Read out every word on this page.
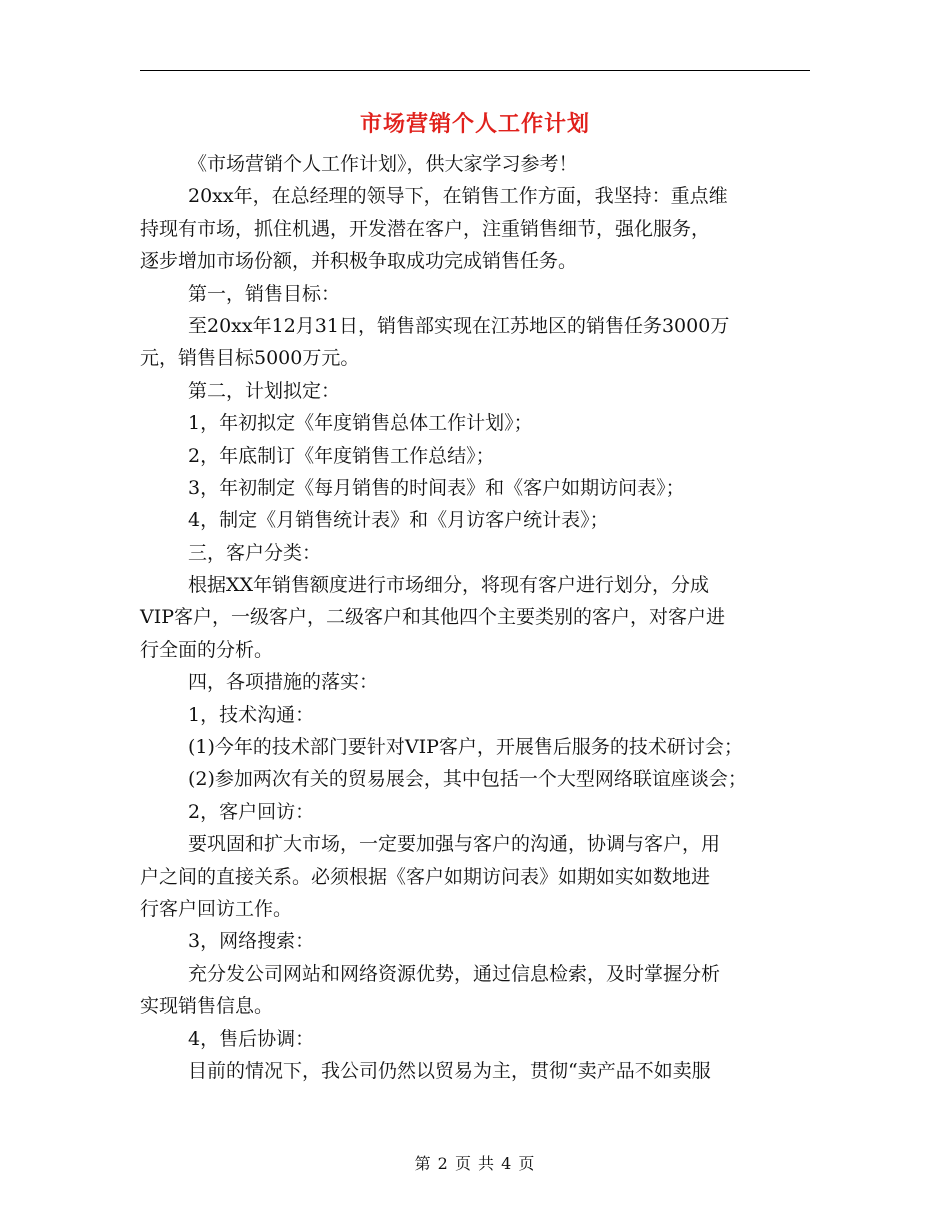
市场营销个人工作计划
《市场营销个人工作计划》，供大家学习参考！
20xx年，在总经理的领导下，在销售工作方面，我坚持：重点维
持现有市场，抓住机遇，开发潜在客户，注重销售细节，强化服务，
逐步增加市场份额，并积极争取成功完成销售任务。
第一，销售目标：
至20xx年12月31日，销售部实现在江苏地区的销售任务3000万
元，销售目标5000万元。
第二，计划拟定：
1，年初拟定《年度销售总体工作计划》；
2，年底制订《年度销售工作总结》；
3，年初制定《每月销售的时间表》和《客户如期访问表》；
4，制定《月销售统计表》和《月访客户统计表》；
三，客户分类：
根据XX年销售额度进行市场细分，将现有客户进行划分，分成
VIP客户，一级客户，二级客户和其他四个主要类别的客户，对客户进
行全面的分析。
四，各项措施的落实：
1，技术沟通：
(1)今年的技术部门要针对VIP客户，开展售后服务的技术研讨会；
(2)参加两次有关的贸易展会，其中包括一个大型网络联谊座谈会；
2，客户回访：
要巩固和扩大市场，一定要加强与客户的沟通，协调与客户，用
户之间的直接关系。必须根据《客户如期访问表》如期如实如数地进
行客户回访工作。
3，网络搜索：
充分发公司网站和网络资源优势，通过信息检索，及时掌握分析
实现销售信息。
4，售后协调：
目前的情况下，我公司仍然以贸易为主，贯彻“卖产品不如卖服
第 2 页 共 4 页
